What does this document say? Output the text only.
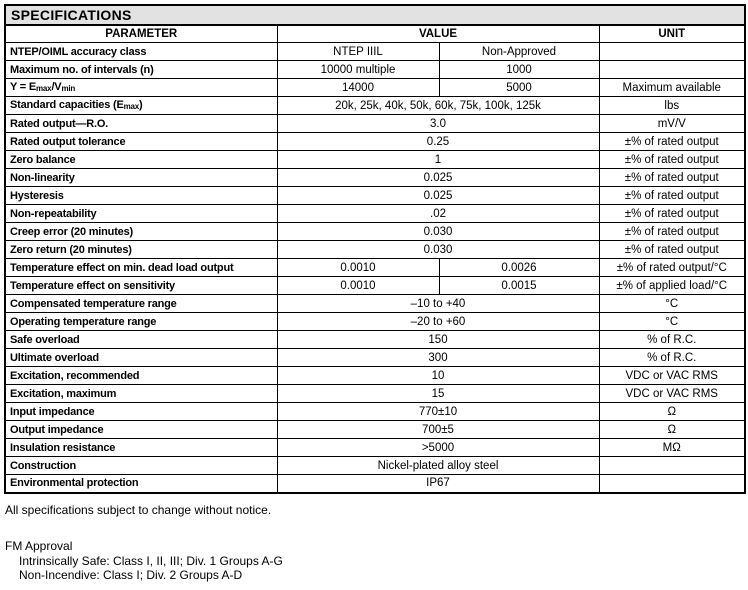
SPECIFICATIONS			
PARAMETER	VALUE		UNIT
NTEP/OIML accuracy class	NTEP IIIL	Non-Approved	
Maximum no. of intervals (n)	10000 multiple	1000	
Y = Emax/Vmin	14000	5000	Maximum available
Standard capacities (Emax)	20k, 25k, 40k, 50k, 60k, 75k, 100k, 125k		lbs
Rated output—R.O.	3.0		mV/V
Rated output tolerance	0.25		±% of rated output
Zero balance	1		±% of rated output
Non-linearity	0.025		±% of rated output
Hysteresis	0.025		±% of rated output
Non-repeatability	.02		±% of rated output
Creep error (20 minutes)	0.030		±% of rated output
Zero return (20 minutes)	0.030		±% of rated output
Temperature effect on min. dead load output	0.0010	0.0026	±% of rated output/°C
Temperature effect on sensitivity	0.0010	0.0015	±% of applied load/°C
Compensated temperature range	–10 to +40		°C
Operating temperature range	–20 to +60		°C
Safe overload	150		% of R.C.
Ultimate overload	300		% of R.C.
Excitation, recommended	10		VDC or VAC RMS
Excitation, maximum	15		VDC or VAC RMS
Input impedance	770±10		Ω
Output impedance	700±5		Ω
Insulation resistance	>5000		MΩ
Construction	Nickel-plated alloy steel		
Environmental protection	IP67		
All specifications subject to change without notice.
FM Approval
Intrinsically Safe: Class I, II, III; Div. 1 Groups A-G
Non-Incendive: Class I; Div. 2 Groups A-D
